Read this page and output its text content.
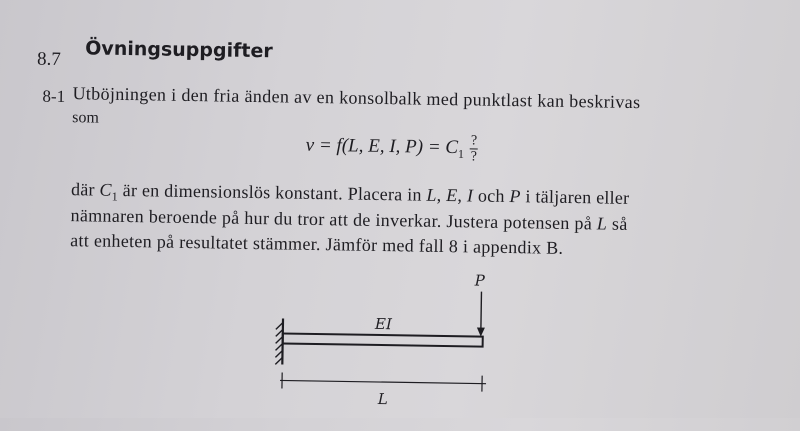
8.7 Övningsuppgifter
8-1 Utböjningen i den fria änden av en konsolbalk med punktlast kan beskrivas
som
v = f(L, E, I, $P) = C_1 \frac{?}{?}$
där $C_1$ är en dimensionslös konstant. Placera in L, E, I och P i täljaren eller
nämnaren beroende på hur du tror att de inverkar. Justera potensen på L så
att enheten på resultatet stämmer. Jämför med fall 8 i appendix B.
P
EI
L
